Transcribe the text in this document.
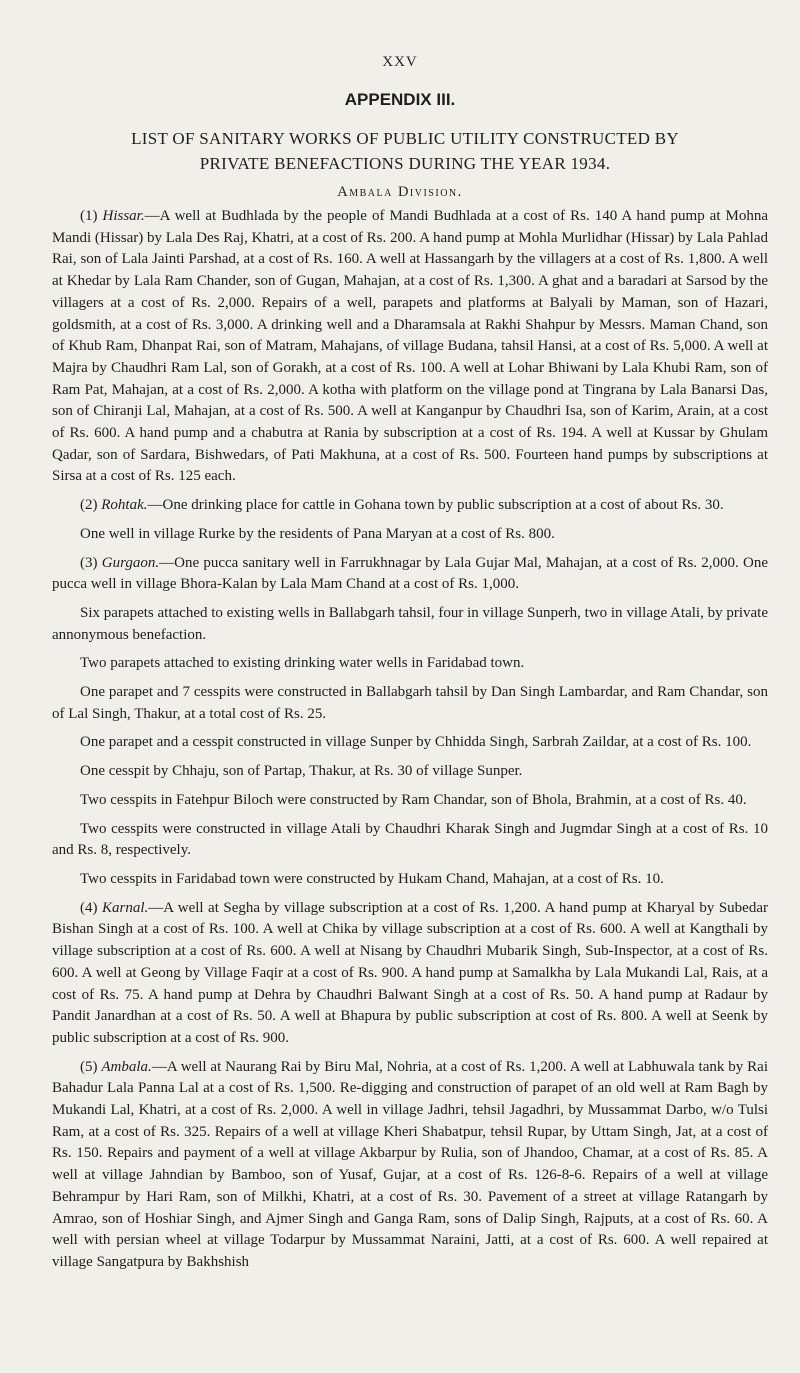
XXV
APPENDIX III.
LIST OF SANITARY WORKS OF PUBLIC UTILITY CONSTRUCTED BY
PRIVATE BENEFACTIONS DURING THE YEAR 1934.
Ambala Division.

(1) Hissar.—A well at Budhlada by the people of Mandi Budhlada at a cost of Rs. 140 A hand pump at Mohna Mandi (Hissar) by Lala Des Raj, Khatri, at a cost of Rs. 200. A hand pump at Mohla Murlidhar (Hissar) by Lala Pahlad Rai, son of Lala Jainti Parshad, at a cost of Rs. 160. A well at Hassangarh by the villagers at a cost of Rs. 1,800. A well at Khedar by Lala Ram Chander, son of Gugan, Mahajan, at a cost of Rs. 1,300. A ghat and a baradari at Sarsod by the villagers at a cost of Rs. 2,000. Repairs of a well, parapets and platforms at Balyali by Maman, son of Hazari, goldsmith, at a cost of Rs. 3,000. A drinking well and a Dharamsala at Rakhi Shahpur by Messrs. Maman Chand, son of Khub Ram, Dhanpat Rai, son of Matram, Mahajans, of village Budana, tahsil Hansi, at a cost of Rs. 5,000. A well at Majra by Chaudhri Ram Lal, son of Gorakh, at a cost of Rs. 100. A well at Lohar Bhiwani by Lala Khubi Ram, son of Ram Pat, Mahajan, at a cost of Rs. 2,000. A kotha with platform on the village pond at Tingrana by Lala Banarsi Das, son of Chiranji Lal, Mahajan, at a cost of Rs. 500. A well at Kanganpur by Chaudhri Isa, son of Karim, Arain, at a cost of Rs. 600. A hand pump and a chabutra at Rania by subscription at a cost of Rs. 194. A well at Kussar by Ghulam Qadar, son of Sardara, Bishwedars, of Pati Makhuna, at a cost of Rs. 500. Fourteen hand pumps by subscriptions at Sirsa at a cost of Rs. 125 each.

(2) Rohtak.—One drinking place for cattle in Gohana town by public subscription at a cost of about Rs. 30.

One well in village Rurke by the residents of Pana Maryan at a cost of Rs. 800.

(3) Gurgaon.—One pucca sanitary well in Farrukhnagar by Lala Gujar Mal, Mahajan, at a cost of Rs. 2,000. One pucca well in village Bhora-Kalan by Lala Mam Chand at a cost of Rs. 1,000.

Six parapets attached to existing wells in Ballabgarh tahsil, four in village Sunperh, two in village Atali, by private annonymous benefaction.

Two parapets attached to existing drinking water wells in Faridabad town.

One parapet and 7 cesspits were constructed in Ballabgarh tahsil by Dan Singh Lambardar, and Ram Chandar, son of Lal Singh, Thakur, at a total cost of Rs. 25.

One parapet and a cesspit constructed in village Sunper by Chhidda Singh, Sarbrah Zaildar, at a cost of Rs. 100.

One cesspit by Chhaju, son of Partap, Thakur, at Rs. 30 of village Sunper.

Two cesspits in Fatehpur Biloch were constructed by Ram Chandar, son of Bhola, Brahmin, at a cost of Rs. 40.

Two cesspits were constructed in village Atali by Chaudhri Kharak Singh and Jugmdar Singh at a cost of Rs. 10 and Rs. 8, respectively.

Two cesspits in Faridabad town were constructed by Hukam Chand, Mahajan, at a cost of Rs. 10.

(4) Karnal.—A well at Segha by village subscription at a cost of Rs. 1,200. A hand pump at Kharyal by Subedar Bishan Singh at a cost of Rs. 100. A well at Chika by village subscription at a cost of Rs. 600. A well at Kangthali by village subscription at a cost of Rs. 600. A well at Nisang by Chaudhri Mubarik Singh, Sub-Inspector, at a cost of Rs. 600. A well at Geong by Village Faqir at a cost of Rs. 900. A hand pump at Samalkha by Lala Mukandi Lal, Rais, at a cost of Rs. 75. A hand pump at Dehra by Chaudhri Balwant Singh at a cost of Rs. 50. A hand pump at Radaur by Pandit Janardhan at a cost of Rs. 50. A well at Bhapura by public subscription at cost of Rs. 800. A well at Seenk by public subscription at a cost of Rs. 900.

(5) Ambala.—A well at Naurang Rai by Biru Mal, Nohria, at a cost of Rs. 1,200. A well at Labhuwala tank by Rai Bahadur Lala Panna Lal at a cost of Rs. 1,500. Re-digging and construction of parapet of an old well at Ram Bagh by Mukandi Lal, Khatri, at a cost of Rs. 2,000. A well in village Jadhri, tehsil Jagadhri, by Mussammat Darbo, w/o Tulsi Ram, at a cost of Rs. 325. Repairs of a well at village Kheri Shabatpur, tehsil Rupar, by Uttam Singh, Jat, at a cost of Rs. 150. Repairs and payment of a well at village Akbarpur by Rulia, son of Jhandoo, Chamar, at a cost of Rs. 85. A well at village Jahndian by Bamboo, son of Yusaf, Gujar, at a cost of Rs. 126-8-6. Repairs of a well at village Behrampur by Hari Ram, son of Milkhi, Khatri, at a cost of Rs. 30. Pavement of a street at village Ratangarh by Amrao, son of Hoshiar Singh, and Ajmer Singh and Ganga Ram, sons of Dalip Singh, Rajputs, at a cost of Rs. 60. A well with persian wheel at village Todarpur by Mussammat Naraini, Jatti, at a cost of Rs. 600. A well repaired at village Sangatpura by Bakhshish
